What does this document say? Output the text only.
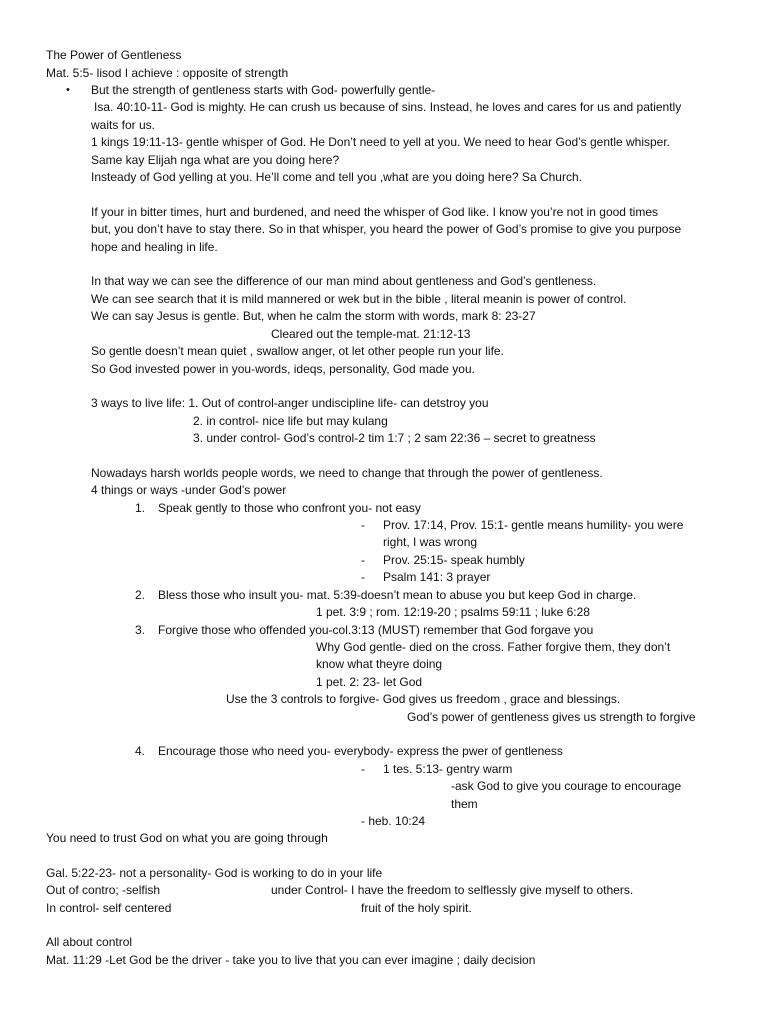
The Power of Gentleness
Mat. 5:5- lisod I achieve : opposite of strength
• But the strength of gentleness starts with God- powerfully gentle-
Isa. 40:10-11- God is mighty. He can crush us because of sins. Instead, he loves and cares for us and patiently
waits for us.
1 kings 19:11-13- gentle whisper of God. He Don’t need to yell at you. We need to hear God’s gentle whisper.
Same kay Elijah nga what are you doing here?
Insteady of God yelling at you. He’ll come and tell you ,what are you doing here? Sa Church.
If your in bitter times, hurt and burdened, and need the whisper of God like. I know you’re not in good times
but, you don’t have to stay there. So in that whisper, you heard the power of God’s promise to give you purpose
hope and healing in life.
In that way we can see the difference of our man mind about gentleness and God’s gentleness.
We can see search that it is mild mannered or wek but in the bible , literal meanin is power of control.
We can say Jesus is gentle. But, when he calm the storm with words, mark 8: 23-27
Cleared out the temple-mat. 21:12-13
So gentle doesn’t mean quiet , swallow anger, ot let other people run your life.
So God invested power in you-words, ideqs, personality, God made you.
3 ways to live life: 1. Out of control-anger undiscipline life- can detstroy you
2. in control- nice life but may kulang
3. under control- God’s control-2 tim 1:7 ; 2 sam 22:36 – secret to greatness
Nowadays harsh worlds people words, we need to change that through the power of gentleness.
4 things or ways -under God’s power
1. Speak gently to those who confront you- not easy
- Prov. 17:14, Prov. 15:1- gentle means humility- you were
right, I was wrong
- Prov. 25:15- speak humbly
- Psalm 141: 3 prayer
2. Bless those who insult you- mat. 5:39-doesn’t mean to abuse you but keep God in charge.
1 pet. 3:9 ; rom. 12:19-20 ; psalms 59:11 ; luke 6:28
3. Forgive those who offended you-col.3:13 (MUST) remember that God forgave you
Why God gentle- died on the cross. Father forgive them, they don’t
know what theyre doing
1 pet. 2: 23- let God
Use the 3 controls to forgive- God gives us freedom , grace and blessings.
God’s power of gentleness gives us strength to forgive
4. Encourage those who need you- everybody- express the pwer of gentleness
- 1 tes. 5:13- gentry warm
-ask God to give you courage to encourage
them
- heb. 10:24
You need to trust God on what you are going through
Gal. 5:22-23- not a personality- God is working to do in your life
Out of contro; -selfish	under Control- I have the freedom to selflessly give myself to others.
In control- self centered	fruit of the holy spirit.
All about control
Mat. 11:29 -Let God be the driver - take you to live that you can ever imagine ; daily decision
